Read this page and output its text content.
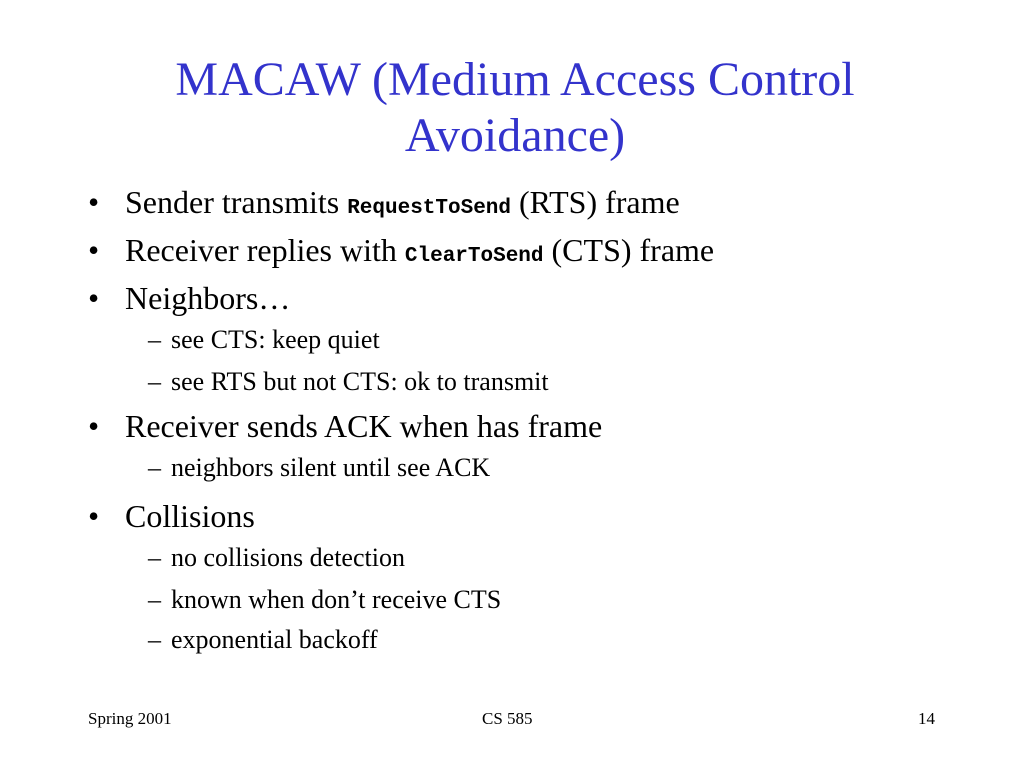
MACAW (Medium Access Control
Avoidance)
• Sender transmits RequestToSend (RTS) frame
• Receiver replies with ClearToSend (CTS) frame
• Neighbors…
– see CTS: keep quiet
– see RTS but not CTS: ok to transmit
• Receiver sends ACK when has frame
– neighbors silent until see ACK
• Collisions
– no collisions detection
– known when don’t receive CTS
– exponential backoff
Spring 2001	CS 585	14
